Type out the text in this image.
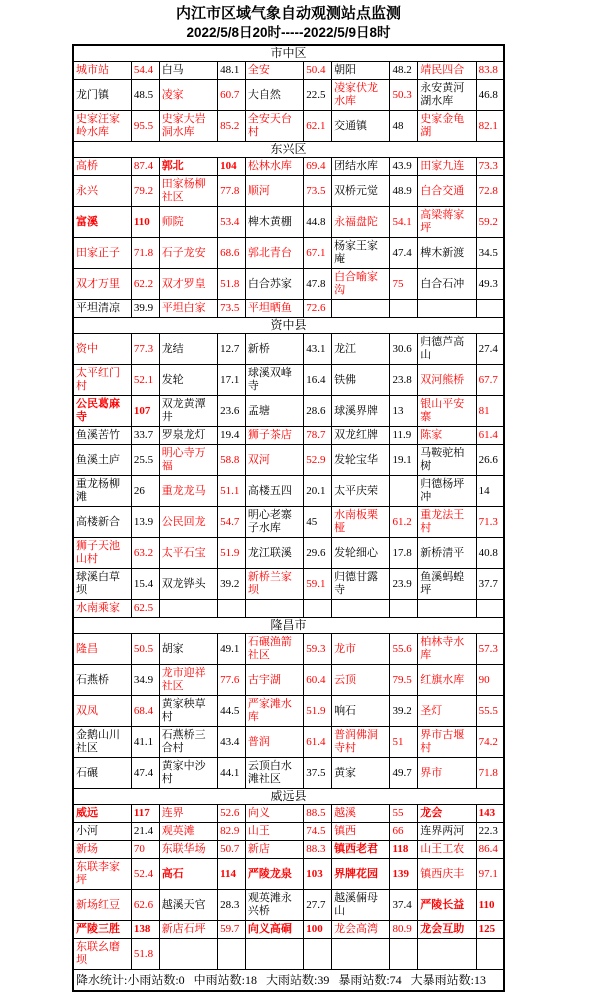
内江市区域气象自动观测站点监测
2022/5/8日20时-----2022/5/9日8时
市中区									
城市站	54.4	白马	48.1	全安	50.4	朝阳	48.2	靖民四合	83.8
龙门镇	48.5	凌家	60.7	大自然	22.5	凌家伏龙水库	50.3	永安黄河湖水库	46.8
史家汪家岭水库	95.5	史家大岩洞水库	85.2	全安天台村	62.1	交通镇	48	史家金龟湖	82.1
东兴区									
高桥	87.4	郭北	104	松林水库	69.4	团结水库	43.9	田家九连	73.3
永兴	79.2	田家杨柳社区	77.8	顺河	73.5	双桥元觉	48.9	白合交通	72.8
富溪	110	师院	53.4	椑木黄棚	44.8	永福盘陀	54.1	高梁蒋家坪	59.2
田家正子	71.8	石子龙安	68.6	郭北青台	67.1	杨家王家庵	47.4	椑木新渡	34.5
双才万里	62.2	双才罗皇	51.8	白合苏家	47.8	白合喻家沟	75	白合石冲	49.3
平坦清凉	39.9	平坦白家	73.5	平坦晒鱼	72.6				
资中县									
资中	77.3	龙结	12.7	新桥	43.1	龙江	30.6	归德芦高山	27.4
太平红门村	52.1	发轮	17.1	球溪双峰寺	16.4	铁佛	23.8	双河熊桥	67.7
公民葛麻寺	107	双龙黄潭井	23.6	孟塘	28.6	球溪界牌	13	银山平安寨	81
鱼溪苦竹	33.7	罗泉龙灯	19.4	狮子茶店	78.7	双龙红牌	11.9	陈家	61.4
鱼溪土庐	25.5	明心寺万福	58.8	双河	52.9	发轮宝华	19.1	马鞍驼柏树	26.6
重龙杨柳滩	26	重龙龙马	51.1	高楼五四	20.1	太平庆荣		归德杨坪冲	14
高楼新合	13.9	公民回龙	54.7	明心老寨子水库	45	水南板栗桠	61.2	重龙法王村	71.3
狮子天池山村	63.2	太平石宝	51.9	龙江联溪	29.6	发轮细心	17.8	新桥清平	40.8
球溪白草坝	15.4	双龙铧头	39.2	新桥兰家坝	59.1	归德甘露寺	23.9	鱼溪蚂蝗坪	37.7
水南乘家	62.5								
隆昌市									
隆昌	50.5	胡家	49.1	石碾渔箭社区	59.3	龙市	55.6	柏林寺水库	57.3
石燕桥	34.9	龙市迎祥社区	77.6	古宇湖	60.4	云顶	79.5	红旗水库	90
双凤	68.4	黄家秧草村	44.5	严家滩水库	51.9	响石	39.2	圣灯	55.5
金鹅山川社区	41.1	石燕桥三合村	43.4	普润	61.4	普润佛洞寺村	51	界市古堰村	74.2
石碾	47.4	黄家中沙村	44.1	云顶白水滩社区	37.5	黄家	49.7	界市	71.8
威远县									
威远	117	连界	52.6	向义	88.5	越溪	55	龙会	143
小河	21.4	观英滩	82.9	山王	74.5	镇西	66	连界两河	22.3
新场	70	东联华场	50.7	新店	88.3	镇西老君	118	山王工农	86.4
东联李家坪	52.4	高石	114	严陵龙泉	103	界牌花园	139	镇西庆丰	97.1
新场红豆	62.6	越溪天官	28.3	观英滩永兴桥	27.7	越溪倆母山	37.4	严陵长益	110
严陵三胜	138	新店石坪	59.7	向义高硐	100	龙会高湾	80.9	龙会互助	125
东联幺磨坝	51.8								
降水统计:小雨站数:0   中雨站数:18   大雨站数:39   暴雨站数:74   大暴雨站数:13									
